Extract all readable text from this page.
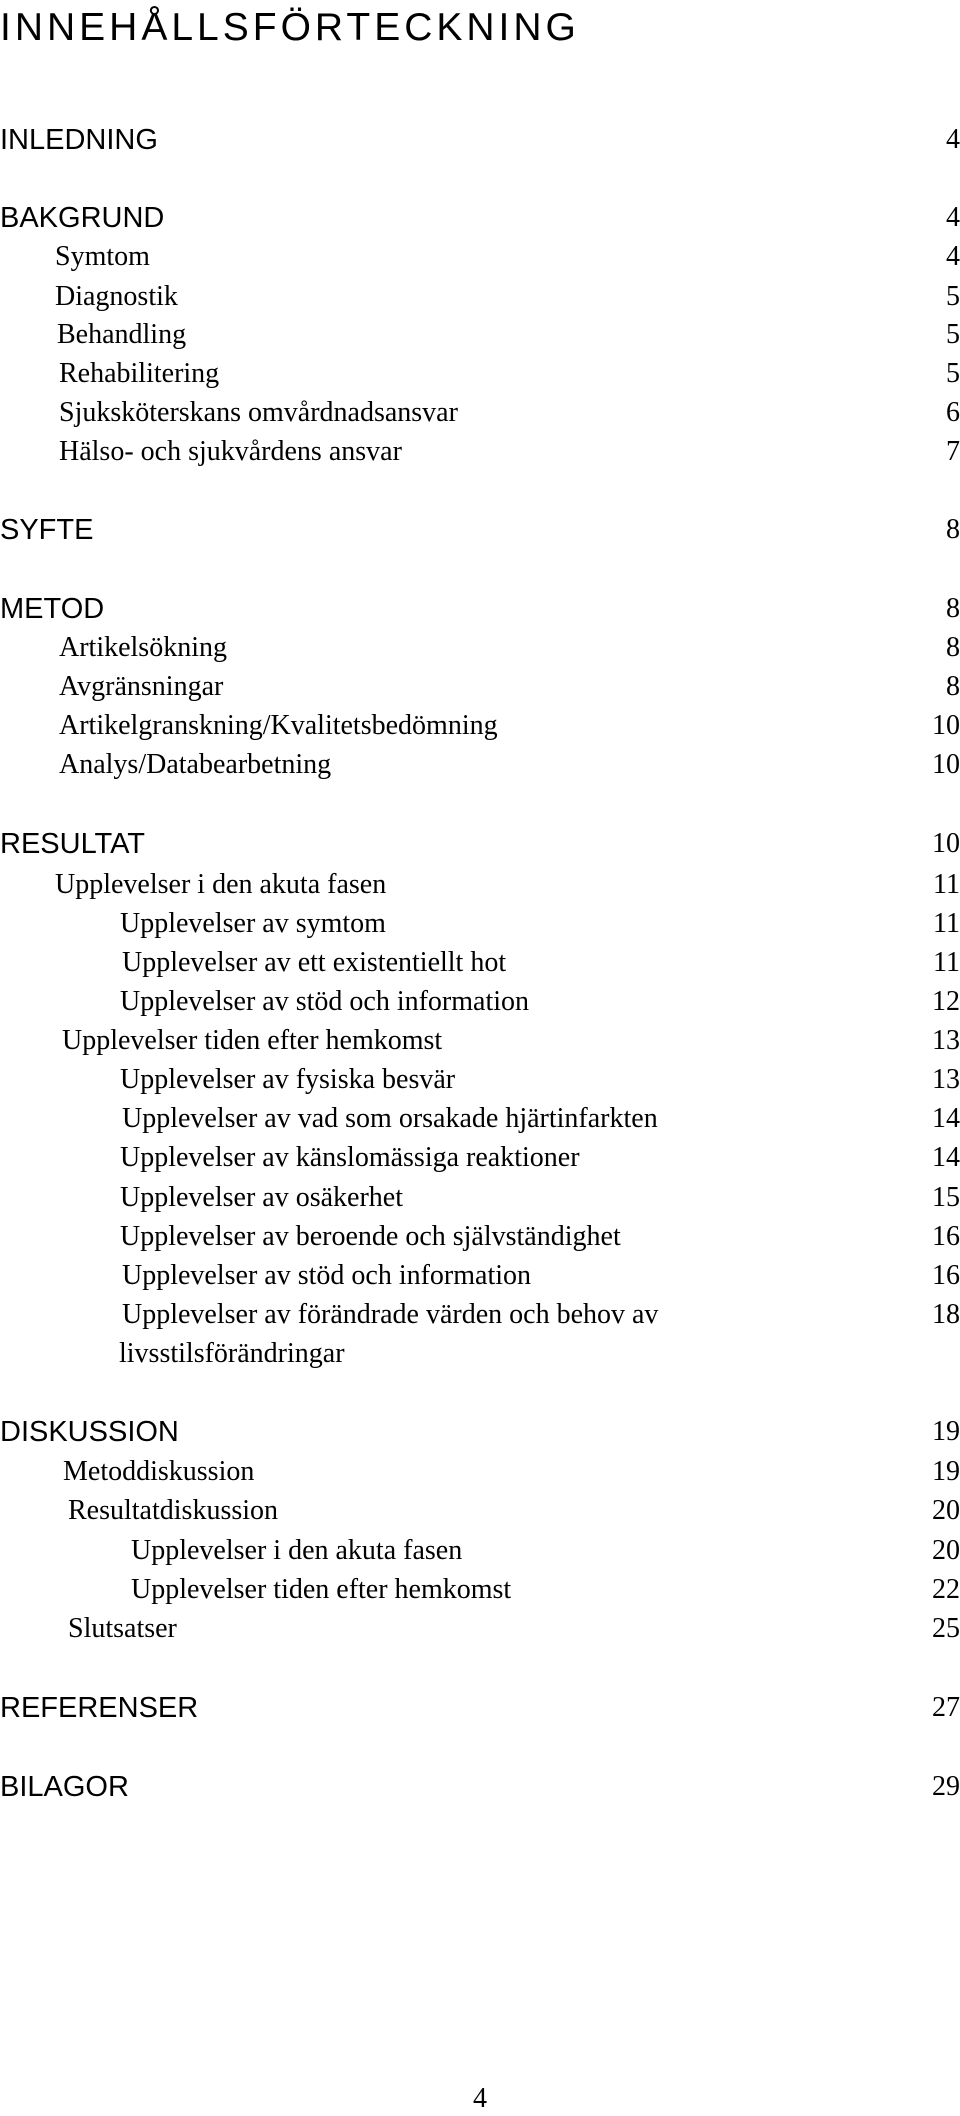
INNEHÅLLSFÖRTECKNING
INLEDNING	4
BAKGRUND	4
Symtom	4
Diagnostik	5
Behandling	5
Rehabilitering	5
Sjuksköterskans omvårdnadsansvar	6
Hälso- och sjukvårdens ansvar	7
SYFTE	8
METOD	8
Artikelsökning	8
Avgränsningar	8
Artikelgranskning/Kvalitetsbedömning	10
Analys/Databearbetning	10
RESULTAT	10
Upplevelser i den akuta fasen	11
Upplevelser av symtom	11
Upplevelser av ett existentiellt hot	11
Upplevelser av stöd och information	12
Upplevelser tiden efter hemkomst	13
Upplevelser av fysiska besvär	13
Upplevelser av vad som orsakade hjärtinfarkten	14
Upplevelser av känslomässiga reaktioner	14
Upplevelser av osäkerhet	15
Upplevelser av beroende och självständighet	16
Upplevelser av stöd och information	16
Upplevelser av förändrade värden och behov av	18
livsstilsförändringar
DISKUSSION	19
Metoddiskussion	19
Resultatdiskussion	20
Upplevelser i den akuta fasen	20
Upplevelser tiden efter hemkomst	22
Slutsatser	25
REFERENSER	27
BILAGOR	29
4
